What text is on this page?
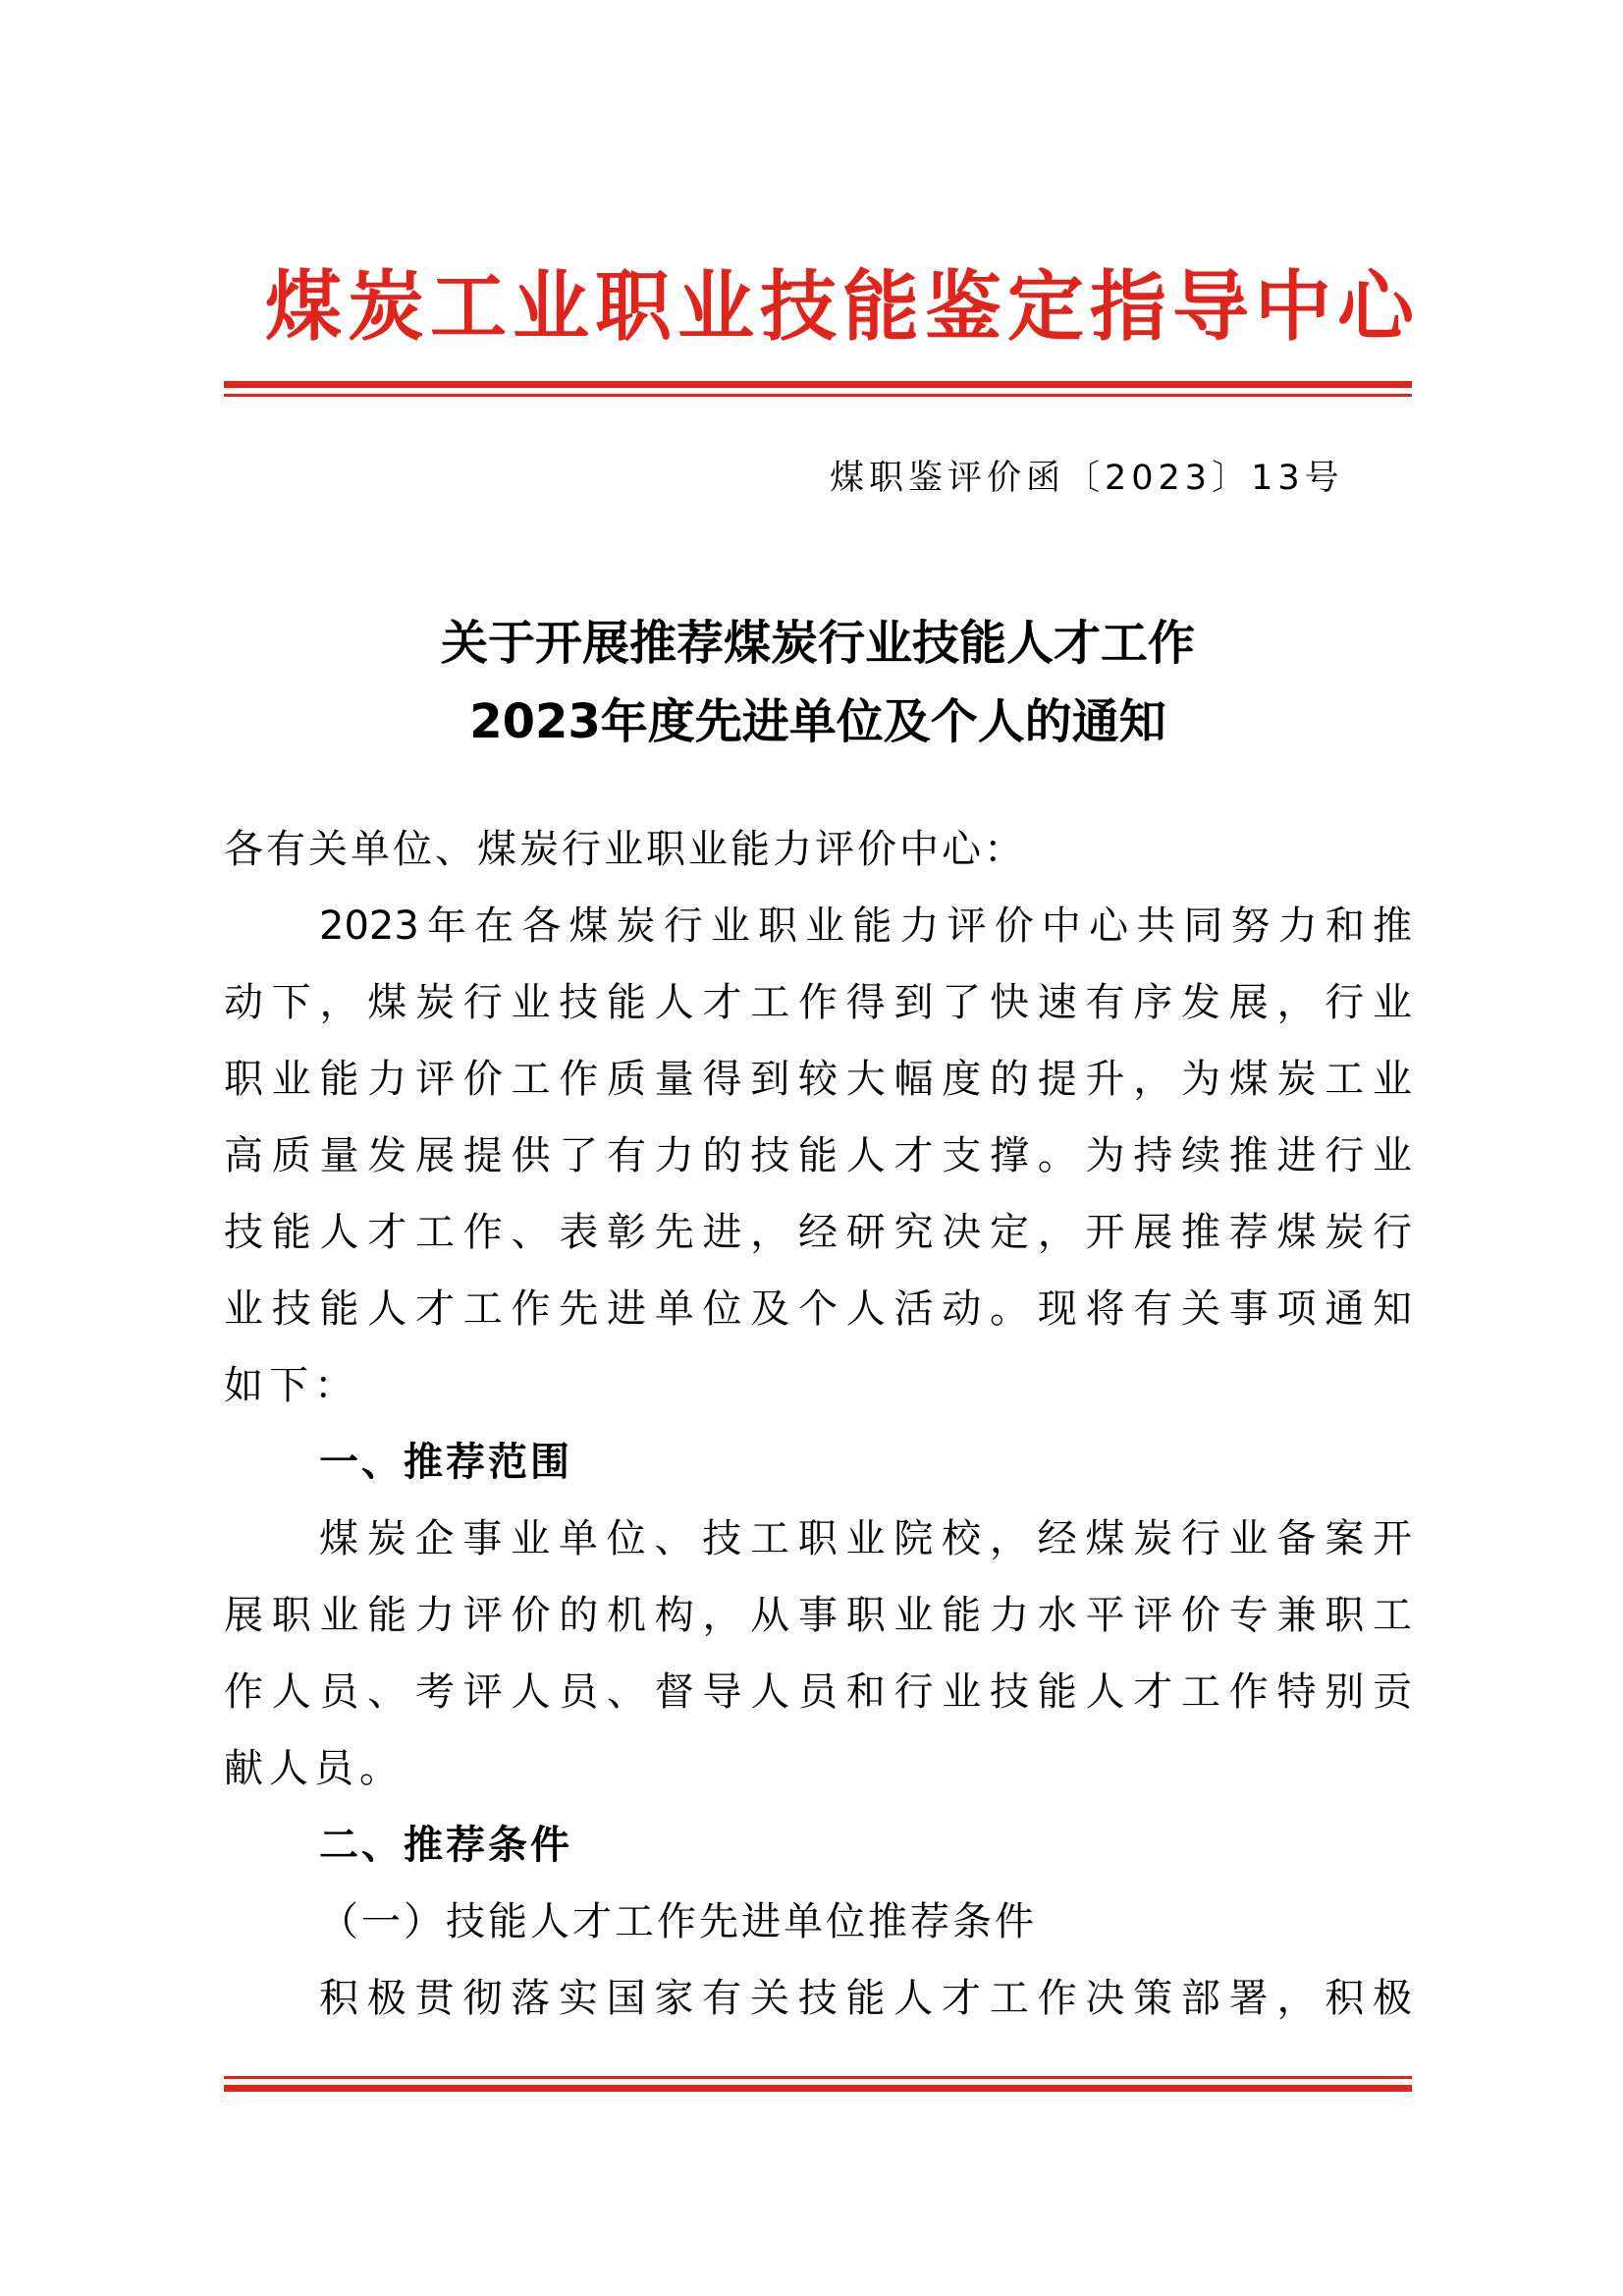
煤炭工业职业技能鉴定指导中心
煤职鉴评价函〔2023〕13号
关于开展推荐煤炭行业技能人才工作
2023年度先进单位及个人的通知
各有关单位、煤炭行业职业能力评价中心：
2023年在各煤炭行业职业能力评价中心共同努力和推
动下，煤炭行业技能人才工作得到了快速有序发展，行业
职业能力评价工作质量得到较大幅度的提升，为煤炭工业
高质量发展提供了有力的技能人才支撑。为持续推进行业
技能人才工作、表彰先进，经研究决定，开展推荐煤炭行
业技能人才工作先进单位及个人活动。现将有关事项通知
如下：
一、推荐范围
煤炭企事业单位、技工职业院校，经煤炭行业备案开
展职业能力评价的机构，从事职业能力水平评价专兼职工
作人员、考评人员、督导人员和行业技能人才工作特别贡
献人员。
二、推荐条件
（一）技能人才工作先进单位推荐条件
积极贯彻落实国家有关技能人才工作决策部署，积极
